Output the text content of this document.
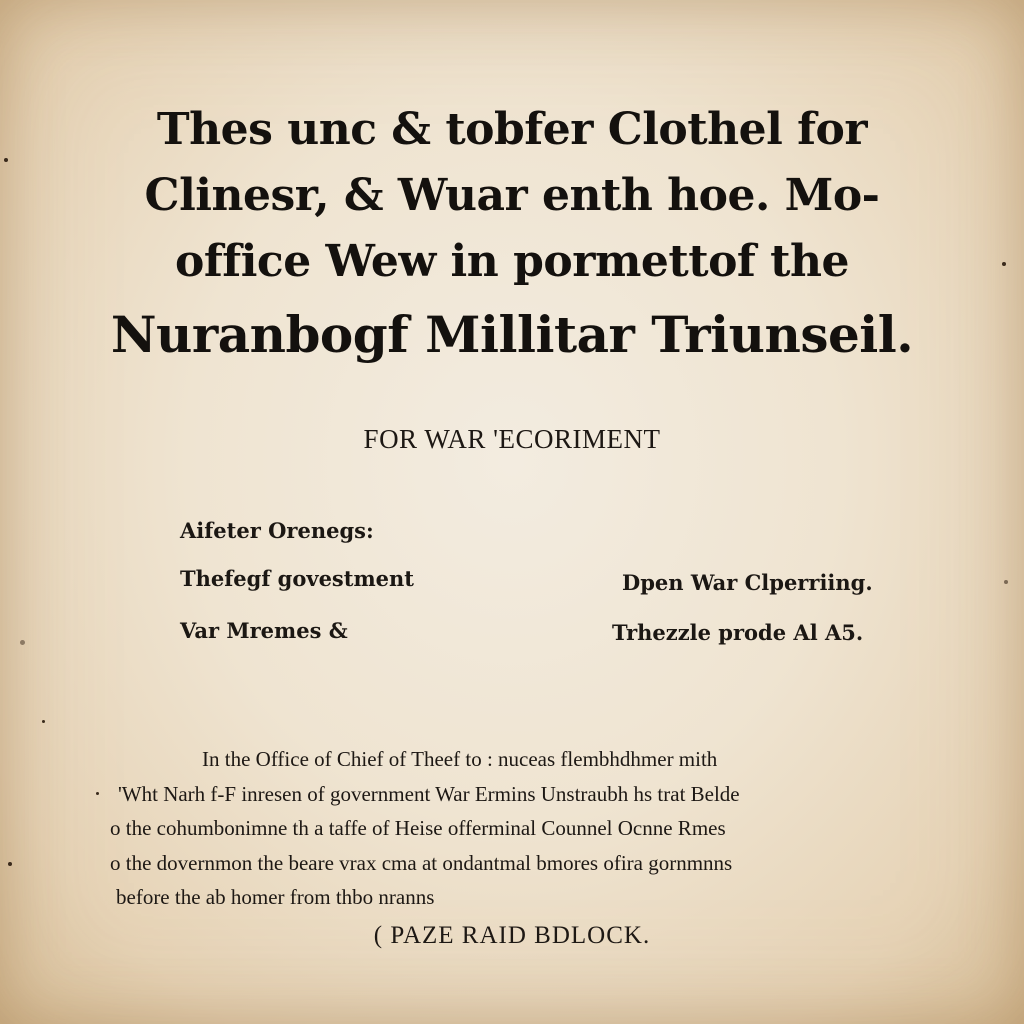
Thes unc & tobfer Clothel for
Clinesr, & Wuar enth hoe. Mo-
office Wew in pormettof the
Nuranbogf Millitar Triunseil.
FOR WAR 'ECORIMENT
Aifeter Orenegs:
Thefegf govestment
Var Mremes &
Dpen War Clperriing.
Trhezzle prode Al A5.
In the Office of Chief of Theef to : nuceas flembhdhmer mith
'Wht Narh f-F inresen of government War Ermins Unstraubh hs trat Belde
o the cohumbonimne th a taffe of Heise offerminal Counnel Ocnne Rmes
o the dovernmon the beare vrax cma at ondantmal bmores ofira gornmnns
before the ab homer from thbo nranns
( PAZE RAID BDLOCK.
